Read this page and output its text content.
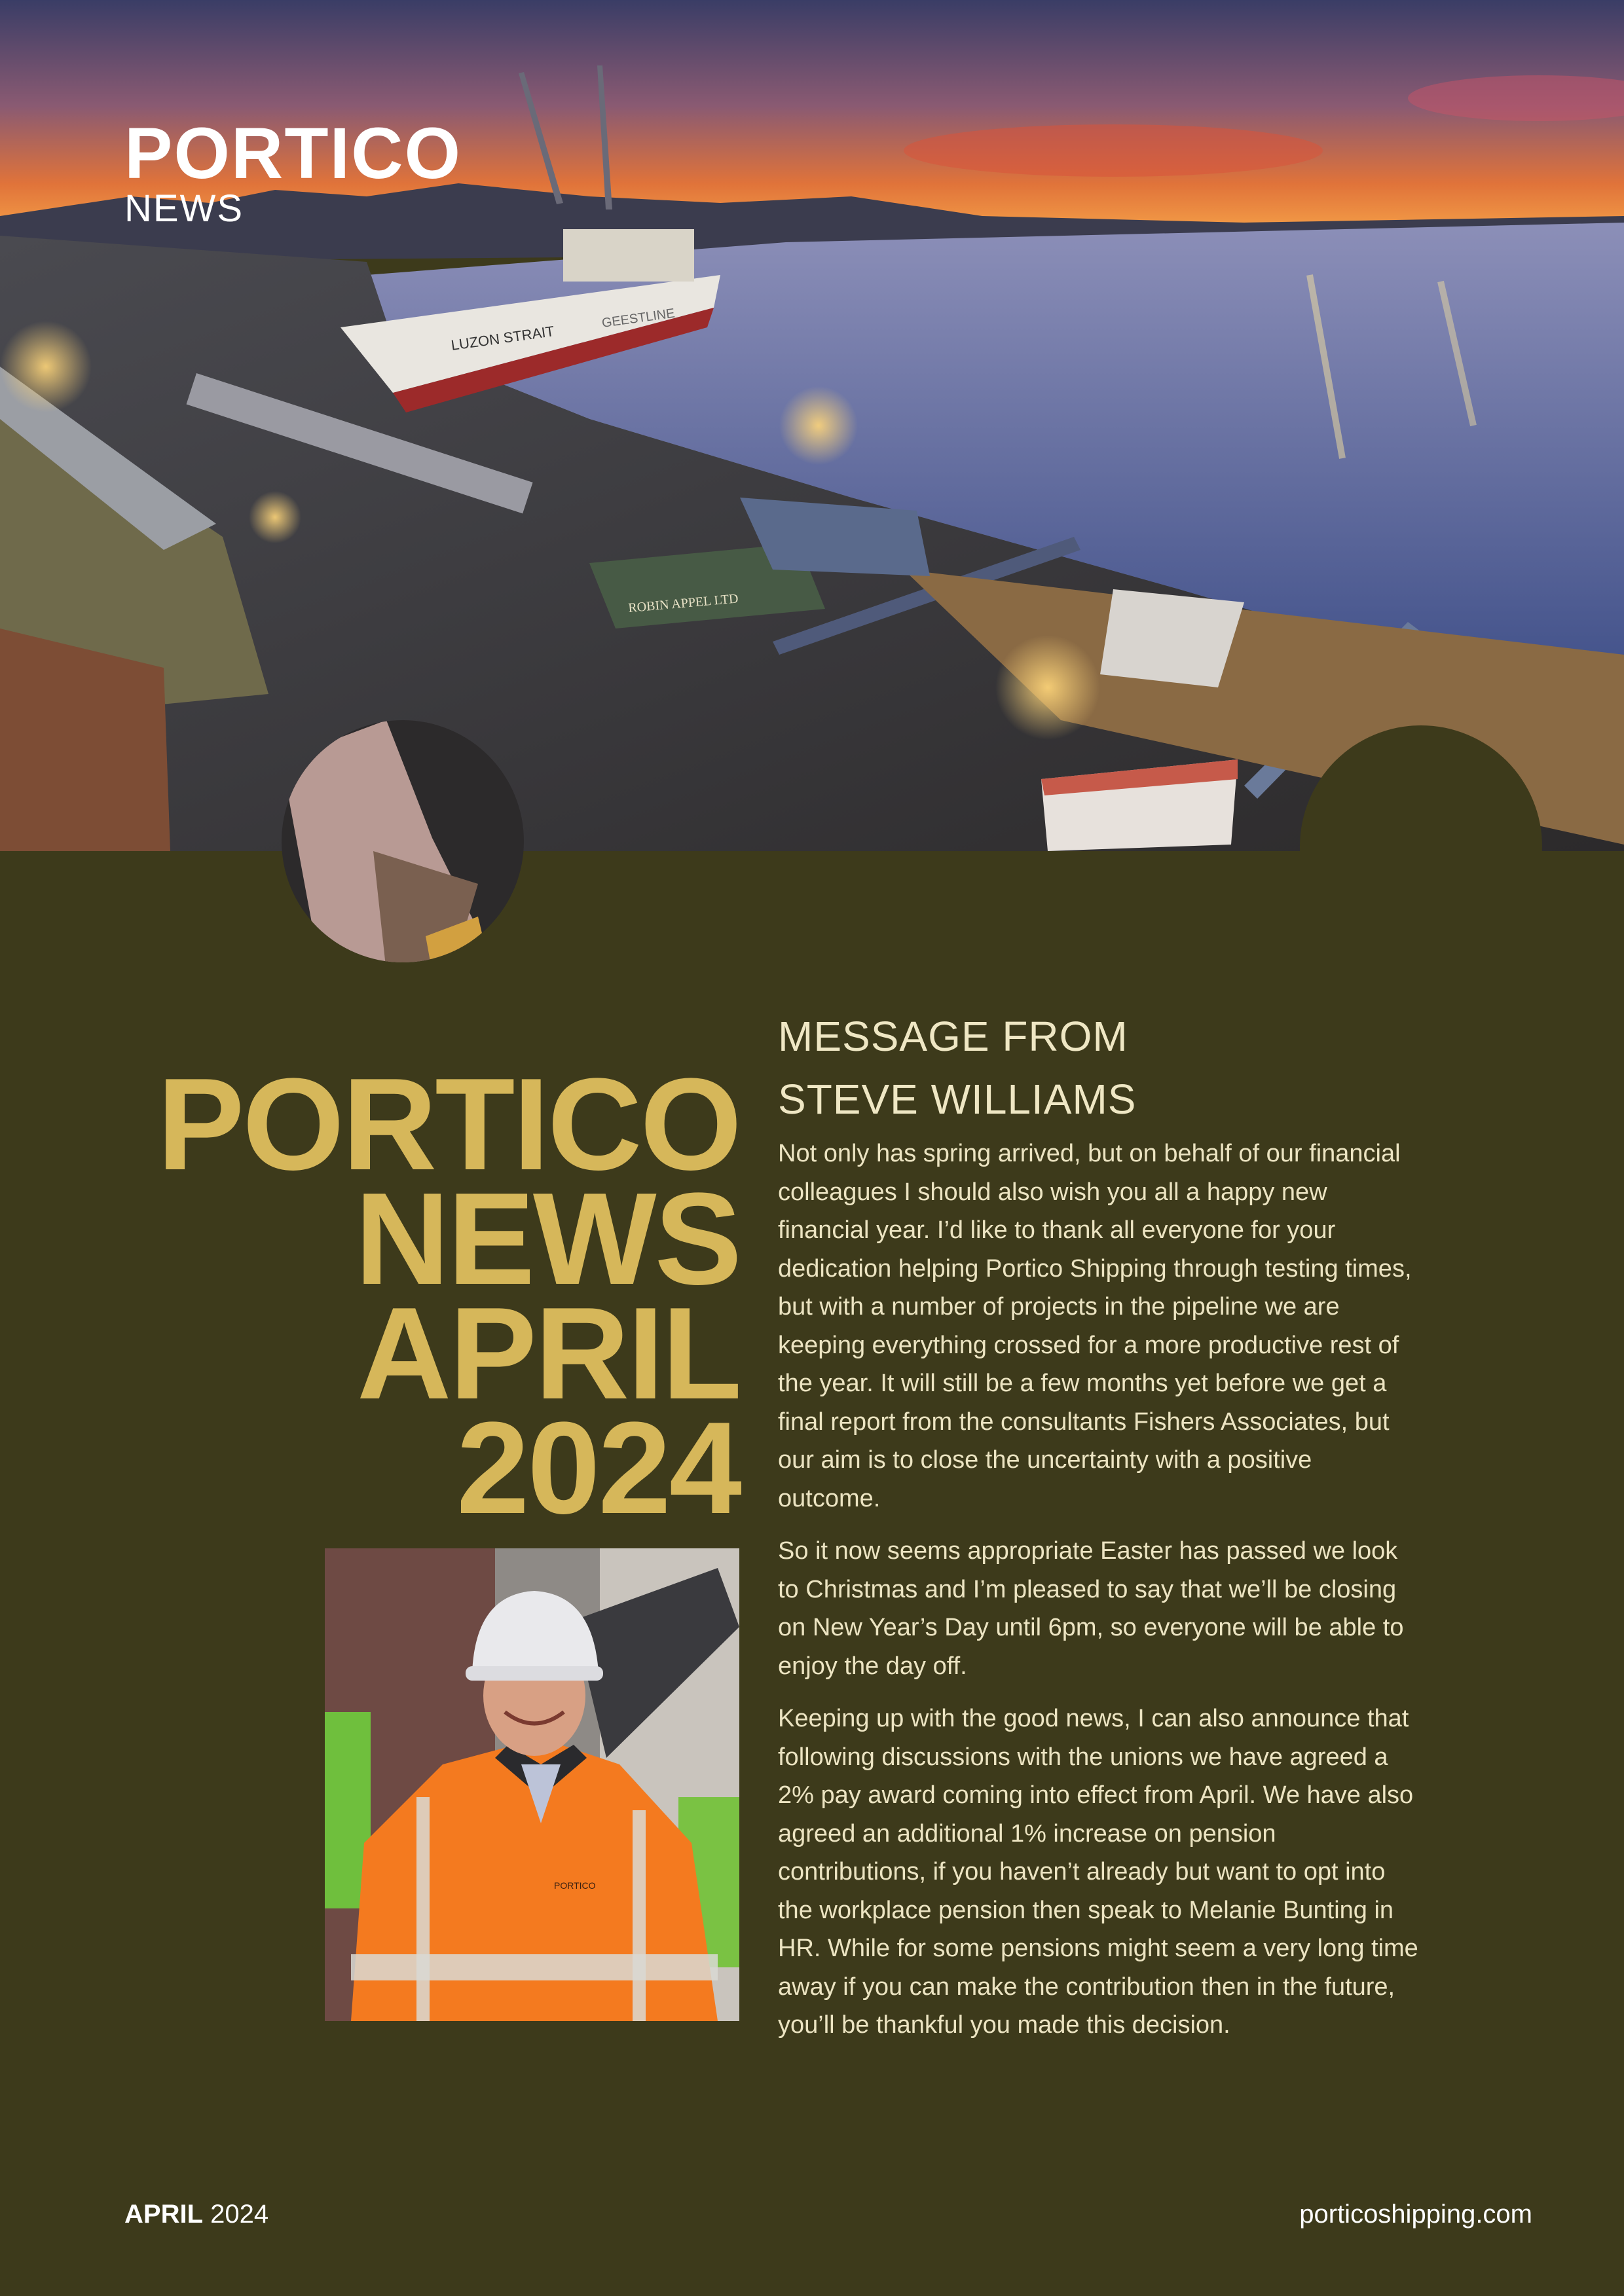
LUZON STRAIT
GEESTLINE
ROBIN APPEL LTD
PORTICO
NEWS
PORTICO
NEWS
APRIL
2024
PORTICO
MESSAGE FROM
STEVE WILLIAMS

Not only has spring arrived, but on behalf of our financial colleagues I should also wish you all a happy new financial year. I’d like to thank all everyone for your dedication helping Portico Shipping through testing times, but with a number of projects in the pipeline we are keeping everything crossed for a more productive rest of the year. It will still be a few months yet before we get a final report from the consultants Fishers Associates, but our aim is to close the uncertainty with a positive outcome.

So it now seems appropriate Easter has passed we look to Christmas and I’m pleased to say that we’ll be closing on New Year’s Day until 6pm, so everyone will be able to enjoy the day off.

Keeping up with the good news, I can also announce that following discussions with the unions we have agreed a 2% pay award coming into effect from April. We have also agreed an additional 1% increase on pension contributions, if you haven’t already but want to opt into the workplace pension then speak to Melanie Bunting in HR. While for some pensions might seem a very long time away if you can make the contribution then in the future, you’ll be thankful you made this decision.

APRIL 2024	porticoshipping.com
